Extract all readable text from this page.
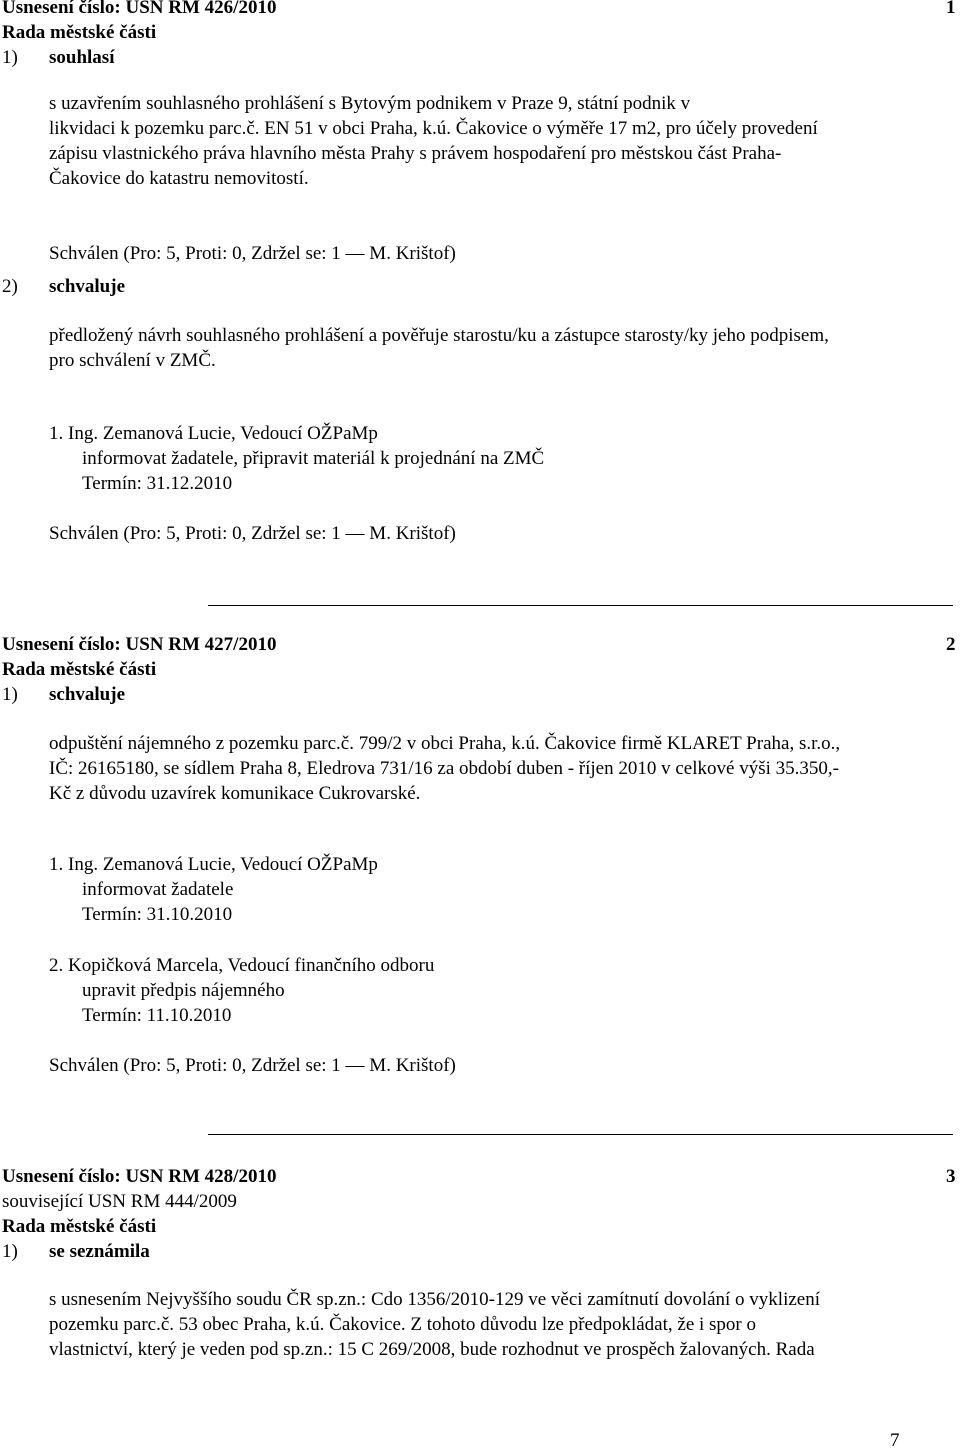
Usnesení číslo: USN RM 426/2010	1
Rada městské části
1) souhlasí
s uzavřením souhlasného prohlášení s Bytovým podnikem v Praze 9, státní podnik v
likvidaci k pozemku parc.č. EN 51 v obci Praha, k.ú. Čakovice o výměře 17 m2, pro účely provedení
zápisu vlastnického práva hlavního města Prahy s právem hospodaření pro městskou část Praha-
Čakovice do katastru nemovitostí.
Schválen (Pro: 5, Proti: 0, Zdržel se: 1 — M. Krištof)
2) schvaluje
předložený návrh souhlasného prohlášení a pověřuje starostu/ku a zástupce starosty/ky jeho podpisem,
pro schválení v ZMČ.
1. Ing. Zemanová Lucie, Vedoucí OŽPaMp
informovat žadatele, připravit materiál k projednání na ZMČ
Termín: 31.12.2010
Schválen (Pro: 5, Proti: 0, Zdržel se: 1 — M. Krištof)
Usnesení číslo: USN RM 427/2010	2
Rada městské části
1) schvaluje
odpuštění nájemného z pozemku parc.č. 799/2 v obci Praha, k.ú. Čakovice firmě KLARET Praha, s.r.o.,
IČ: 26165180, se sídlem Praha 8, Eledrova 731/16 za období duben - říjen 2010 v celkové výši 35.350,-
Kč z důvodu uzavírek komunikace Cukrovarské.
1. Ing. Zemanová Lucie, Vedoucí OŽPaMp
informovat žadatele
Termín: 31.10.2010
2. Kopičková Marcela, Vedoucí finančního odboru
upravit předpis nájemného
Termín: 11.10.2010
Schválen (Pro: 5, Proti: 0, Zdržel se: 1 — M. Krištof)
Usnesení číslo: USN RM 428/2010	3
související USN RM 444/2009
Rada městské části
1) se seznámila
s usnesením Nejvyššího soudu ČR sp.zn.: Cdo 1356/2010-129 ve věci zamítnutí dovolání o vyklizení
pozemku parc.č. 53 obec Praha, k.ú. Čakovice. Z tohoto důvodu lze předpokládat, že i spor o
vlastnictví, který je veden pod sp.zn.: 15 C 269/2008, bude rozhodnut ve prospěch žalovaných. Rada
7
